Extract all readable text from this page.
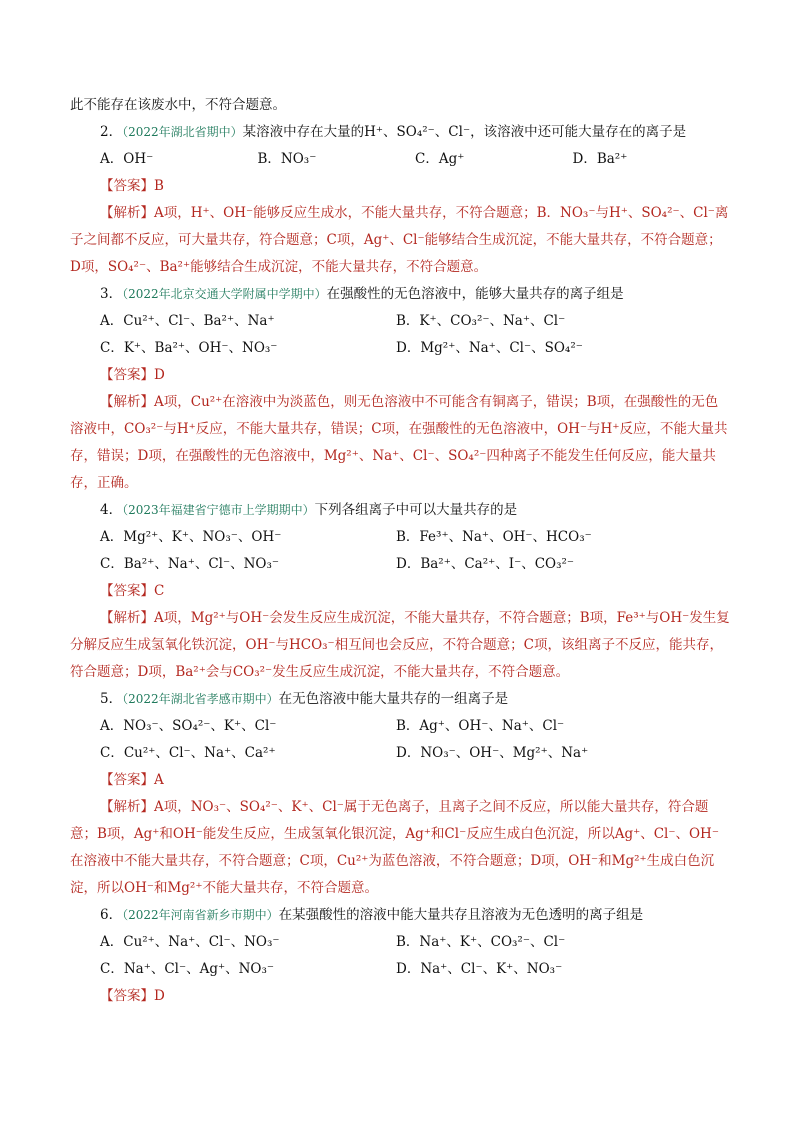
此不能存在该废水中，不符合题意。
2．（2022年湖北省期中）某溶液中存在大量的H⁺、SO₄²⁻、Cl⁻，该溶液中还可能大量存在的离子是
A．OH⁻	B．NO₃⁻	C．Ag⁺	D．Ba²⁺
【答案】B
【解析】A项，H⁺、OH⁻能够反应生成水，不能大量共存，不符合题意；B．NO₃⁻与H⁺、SO₄²⁻、Cl⁻离子之间都不反应，可大量共存，符合题意；C项，Ag⁺、Cl⁻能够结合生成沉淀，不能大量共存，不符合题意；D项，SO₄²⁻、Ba²⁺能够结合生成沉淀，不能大量共存，不符合题意。
3．（2022年北京交通大学附属中学期中）在强酸性的无色溶液中，能够大量共存的离子组是
A．Cu²⁺、Cl⁻、Ba²⁺、Na⁺	B．K⁺、CO₃²⁻、Na⁺、Cl⁻
C．K⁺、Ba²⁺、OH⁻、NO₃⁻	D．Mg²⁺、Na⁺、Cl⁻、SO₄²⁻
【答案】D
【解析】A项，Cu²⁺在溶液中为淡蓝色，则无色溶液中不可能含有铜离子，错误；B项，在强酸性的无色溶液中，CO₃²⁻与H⁺反应，不能大量共存，错误；C项，在强酸性的无色溶液中，OH⁻与H⁺反应，不能大量共存，错误；D项，在强酸性的无色溶液中，Mg²⁺、Na⁺、Cl⁻、SO₄²⁻四种离子不能发生任何反应，能大量共存，正确。
4．（2023年福建省宁德市上学期期中）下列各组离子中可以大量共存的是
A．Mg²⁺、K⁺、NO₃⁻、OH⁻	B．Fe³⁺、Na⁺、OH⁻、HCO₃⁻
C．Ba²⁺、Na⁺、Cl⁻、NO₃⁻	D．Ba²⁺、Ca²⁺、I⁻、CO₃²⁻
【答案】C
【解析】A项，Mg²⁺与OH⁻会发生反应生成沉淀，不能大量共存，不符合题意；B项，Fe³⁺与OH⁻发生复分解反应生成氢氧化铁沉淀，OH⁻与HCO₃⁻相互间也会反应，不符合题意；C项，该组离子不反应，能共存，符合题意；D项，Ba²⁺会与CO₃²⁻发生反应生成沉淀，不能大量共存，不符合题意。
5．（2022年湖北省孝感市期中）在无色溶液中能大量共存的一组离子是
A．NO₃⁻、SO₄²⁻、K⁺、Cl⁻	B．Ag⁺、OH⁻、Na⁺、Cl⁻
C．Cu²⁺、Cl⁻、Na⁺、Ca²⁺	D．NO₃⁻、OH⁻、Mg²⁺、Na⁺
【答案】A
【解析】A项，NO₃⁻、SO₄²⁻、K⁺、Cl⁻属于无色离子，且离子之间不反应，所以能大量共存，符合题意；B项，Ag⁺和OH⁻能发生反应，生成氢氧化银沉淀，Ag⁺和Cl⁻反应生成白色沉淀，所以Ag⁺、Cl⁻、OH⁻在溶液中不能大量共存，不符合题意；C项，Cu²⁺为蓝色溶液，不符合题意；D项，OH⁻和Mg²⁺生成白色沉淀，所以OH⁻和Mg²⁺不能大量共存，不符合题意。
6．（2022年河南省新乡市期中）在某强酸性的溶液中能大量共存且溶液为无色透明的离子组是
A．Cu²⁺、Na⁺、Cl⁻、NO₃⁻	B．Na⁺、K⁺、CO₃²⁻、Cl⁻
C．Na⁺、Cl⁻、Ag⁺、NO₃⁻	D．Na⁺、Cl⁻、K⁺、NO₃⁻
【答案】D
